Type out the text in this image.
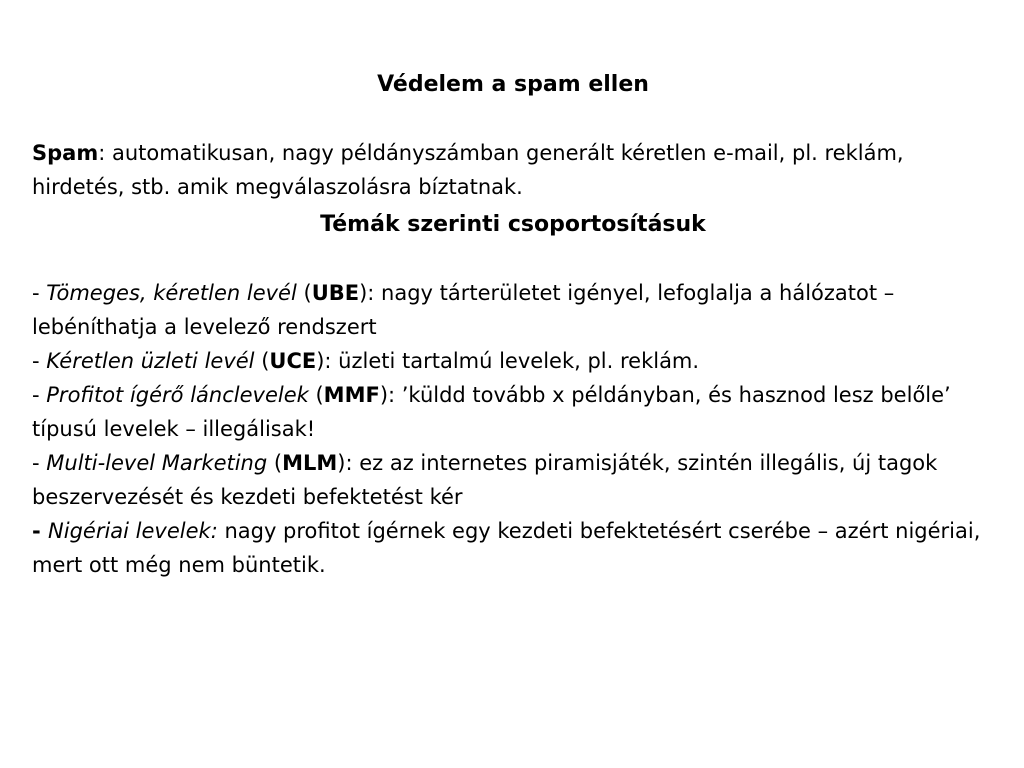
Védelem a spam ellen

Spam: automatikusan, nagy példányszámban generált kéretlen e-mail, pl. reklám, hirdetés, stb. amik megválaszolásra bíztatnak.

Témák szerinti csoportosításuk

- Tömeges, kéretlen levél (UBE): nagy tárterületet igényel, lefoglalja a hálózatot – lebéníthatja a levelező rendszert

- Kéretlen üzleti levél (UCE): üzleti tartalmú levelek, pl. reklám.

- Profitot ígérő lánclevelek (MMF): ’küldd tovább x példányban, és hasznod lesz belőle’ típusú levelek – illegálisak!

- Multi-level Marketing (MLM): ez az internetes piramisjáték, szintén illegális, új tagok beszervezését és kezdeti befektetést kér

- Nigériai levelek: nagy profitot ígérnek egy kezdeti befektetésért cserébe – azért nigériai, mert ott még nem büntetik.
